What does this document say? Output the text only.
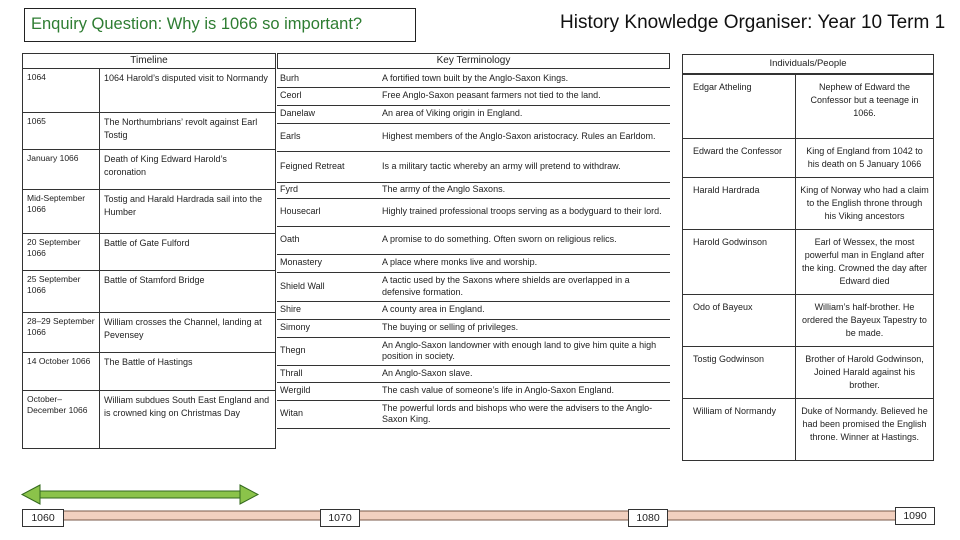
Enquiry Question: Why is 1066 so important?	History Knowledge Organiser: Year 10 Term 1
Timeline
1064	1064 Harold’s disputed visit to Normandy
1065	The Northumbrians’ revolt against Earl Tostig
January 1066	Death of King Edward Harold’s coronation
Mid-September 1066	Tostig and Harald Hardrada sail into the Humber
20 September 1066	Battle of Gate Fulford
25 September 1066	Battle of Stamford Bridge
28–29 September 1066	William crosses the Channel, landing at Pevensey
14 October 1066	The Battle of Hastings
October–December 1066	William subdues South East England and is crowned king on Christmas Day
Key Terminology
Burh	A fortified town built by the Anglo-Saxon Kings.
Ceorl	Free Anglo-Saxon peasant farmers not tied to the land.
Danelaw	An area of Viking origin in England.
Earls	Highest members of the Anglo-Saxon aristocracy. Rules an Earldom.
Feigned Retreat	Is a military tactic whereby an army will pretend to withdraw.
Fyrd	The army of the Anglo Saxons.
Housecarl	Highly trained professional troops serving as a bodyguard to their lord.
Oath	A promise to do something. Often sworn on religious relics.
Monastery	A place where monks live and worship.
Shield Wall	A tactic used by the Saxons where shields are overlapped in a defensive formation.
Shire	A county area in England.
Simony	The buying or selling of privileges.
Thegn	An Anglo-Saxon landowner with enough land to give him quite a high position in society.
Thrall	An Anglo-Saxon slave.
Wergild	The cash value of someone’s life in Anglo-Saxon England.
Witan	The powerful lords and bishops who were the advisers to the Anglo-Saxon King.
Individuals/People
Edgar Atheling	Nephew of Edward the Confessor but a teenage in 1066.
Edward the Confessor	King of England from 1042 to his death on 5 January 1066
Harald Hardrada	King of Norway who had a claim to the English throne through his Viking ancestors
Harold Godwinson	Earl of Wessex, the most powerful man in England after the king. Crowned the day after Edward died
Odo of Bayeux	William’s half-brother. He ordered the Bayeux Tapestry to be made.
Tostig Godwinson	Brother of Harold Godwinson, Joined Harald against his brother.
William of Normandy	Duke of Normandy. Believed he had been promised the English throne. Winner at Hastings.
1060	1070	1080	1090
